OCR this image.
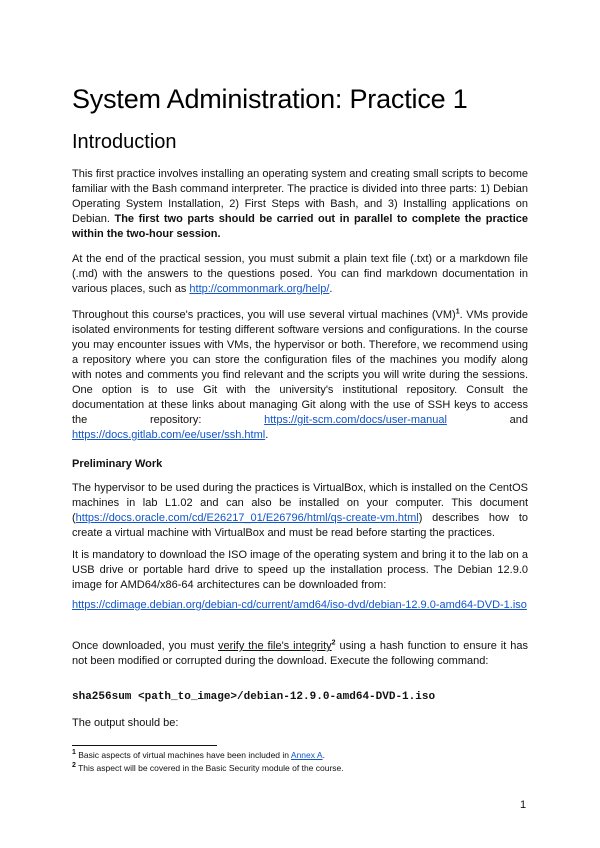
System Administration: Practice 1
Introduction

This first practice involves installing an operating system and creating small scripts to become familiar with the Bash command interpreter. The practice is divided into three parts: 1) Debian Operating System Installation, 2) First Steps with Bash, and 3) Installing applications on Debian. The first two parts should be carried out in parallel to complete the practice within the two-hour session.

At the end of the practical session, you must submit a plain text file (.txt) or a markdown file (.md) with the answers to the questions posed. You can find markdown documentation in various places, such as http://commonmark.org/help/.

Throughout this course's practices, you will use several virtual machines (VM)$^1$. VMs provide isolated environments for testing different software versions and configurations. In the course you may encounter issues with VMs, the hypervisor or both. Therefore, we recommend using a repository where you can store the configuration files of the machines you modify along with notes and comments you find relevant and the scripts you will write during the sessions. One option is to use Git with the university's institutional repository. Consult the documentation at these links about managing Git along with the use of SSH keys to access the repository: https://git-scm.com/docs/user-manual and https://docs.gitlab.com/ee/user/ssh.html.

Preliminary Work

The hypervisor to be used during the practices is VirtualBox, which is installed on the CentOS machines in lab L1.02 and can also be installed on your computer. This document (https://docs.oracle.com/cd/E26217_01/E26796/html/qs-create-vm.html) describes how to create a virtual machine with VirtualBox and must be read before starting the practices.

It is mandatory to download the ISO image of the operating system and bring it to the lab on a USB drive or portable hard drive to speed up the installation process. The Debian 12.9.0 image for AMD64/x86-64 architectures can be downloaded from:

https://cdimage.debian.org/debian-cd/current/amd64/iso-dvd/debian-12.9.0-amd64-DVD-1.iso

Once downloaded, you must verify the file's integrity$^2$ using a hash function to ensure it has not been modified or corrupted during the download. Execute the following command:

sha256sum <path_to_image>/debian-12.9.0-amd64-DVD-1.iso

The output should be:

$^1$ Basic aspects of virtual machines have been included in Annex A.

$^2$ This aspect will be covered in the Basic Security module of the course.

1
